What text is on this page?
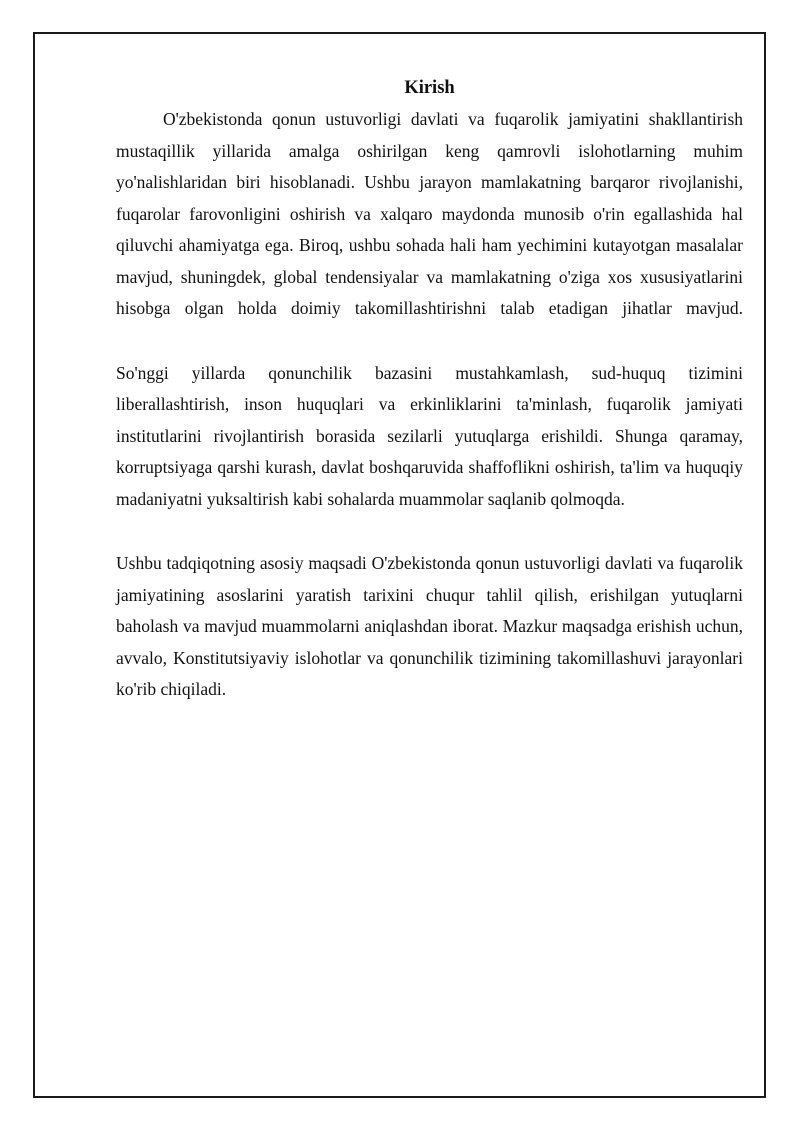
Kirish

O'zbekistonda qonun ustuvorligi davlati va fuqarolik jamiyatini shakllantirish mustaqillik yillarida amalga oshirilgan keng qamrovli islohotlarning muhim yo'nalishlaridan biri hisoblanadi. Ushbu jarayon mamlakatning barqaror rivojlanishi, fuqarolar farovonligini oshirish va xalqaro maydonda munosib o'rin egallashida hal qiluvchi ahamiyatga ega. Biroq, ushbu sohada hali ham yechimini kutayotgan masalalar mavjud, shuningdek, global tendensiyalar va mamlakatning o'ziga xos xususiyatlarini hisobga olgan holda doimiy takomillashtirishni talab etadigan jihatlar mavjud.

So'nggi yillarda qonunchilik bazasini mustahkamlash, sud-huquq tizimini liberallashtirish, inson huquqlari va erkinliklarini ta'minlash, fuqarolik jamiyati institutlarini rivojlantirish borasida sezilarli yutuqlarga erishildi. Shunga qaramay, korruptsiyaga qarshi kurash, davlat boshqaruvida shaffoflikni oshirish, ta'lim va huquqiy madaniyatni yuksaltirish kabi sohalarda muammolar saqlanib qolmoqda.

Ushbu tadqiqotning asosiy maqsadi O'zbekistonda qonun ustuvorligi davlati va fuqarolik jamiyatining asoslarini yaratish tarixini chuqur tahlil qilish, erishilgan yutuqlarni baholash va mavjud muammolarni aniqlashdan iborat. Mazkur maqsadga erishish uchun, avvalo, Konstitutsiyaviy islohotlar va qonunchilik tizimining takomillashuvi jarayonlari ko'rib chiqiladi.
